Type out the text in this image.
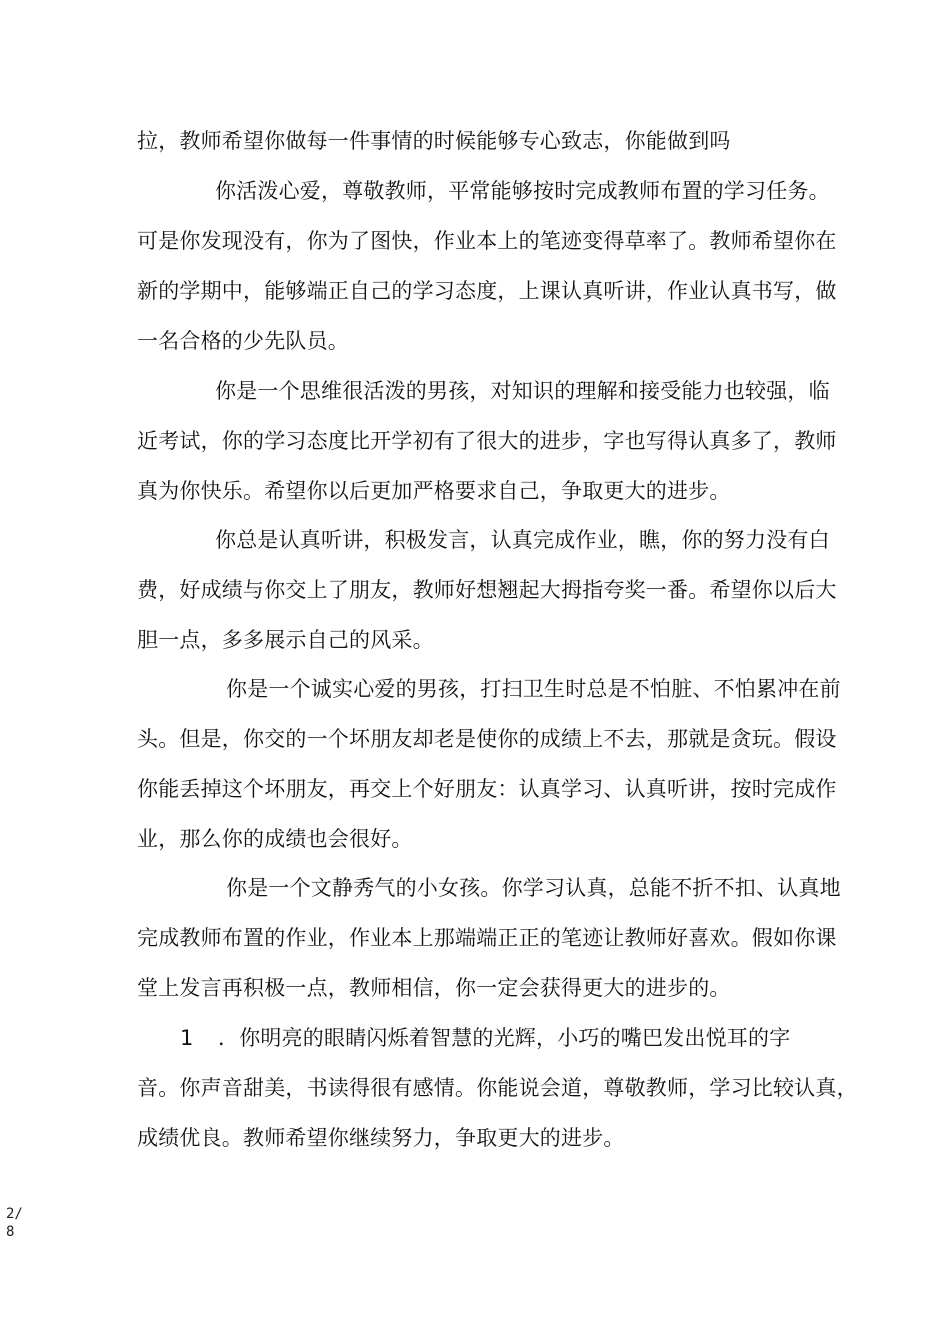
拉，教师希望你做每一件事情的时候能够专心致志，你能做到吗
你活泼心爱，尊敬教师，平常能够按时完成教师布置的学习任务。
可是你发现没有，你为了图快，作业本上的笔迹变得草率了。教师希望你在
新的学期中，能够端正自己的学习态度，上课认真听讲，作业认真书写，做
一名合格的少先队员。
你是一个思维很活泼的男孩，对知识的理解和接受能力也较强，临
近考试，你的学习态度比开学初有了很大的进步，字也写得认真多了，教师
真为你快乐。希望你以后更加严格要求自己，争取更大的进步。
你总是认真听讲，积极发言，认真完成作业，瞧，你的努力没有白
费，好成绩与你交上了朋友，教师好想翘起大拇指夸奖一番。希望你以后大
胆一点，多多展示自己的风采。
你是一个诚实心爱的男孩，打扫卫生时总是不怕脏、不怕累冲在前
头。但是，你交的一个坏朋友却老是使你的成绩上不去，那就是贪玩。假设
你能丢掉这个坏朋友，再交上个好朋友：认真学习、认真听讲，按时完成作
业，那么你的成绩也会很好。
你是一个文静秀气的小女孩。你学习认真，总能不折不扣、认真地
完成教师布置的作业，作业本上那端端正正的笔迹让教师好喜欢。假如你课
堂上发言再积极一点，教师相信，你一定会获得更大的进步的。
1 ．你明亮的眼睛闪烁着智慧的光辉，小巧的嘴巴发出悦耳的字
音。你声音甜美，书读得很有感情。你能说会道，尊敬教师，学习比较认真，
成绩优良。教师希望你继续努力，争取更大的进步。
2/
8
